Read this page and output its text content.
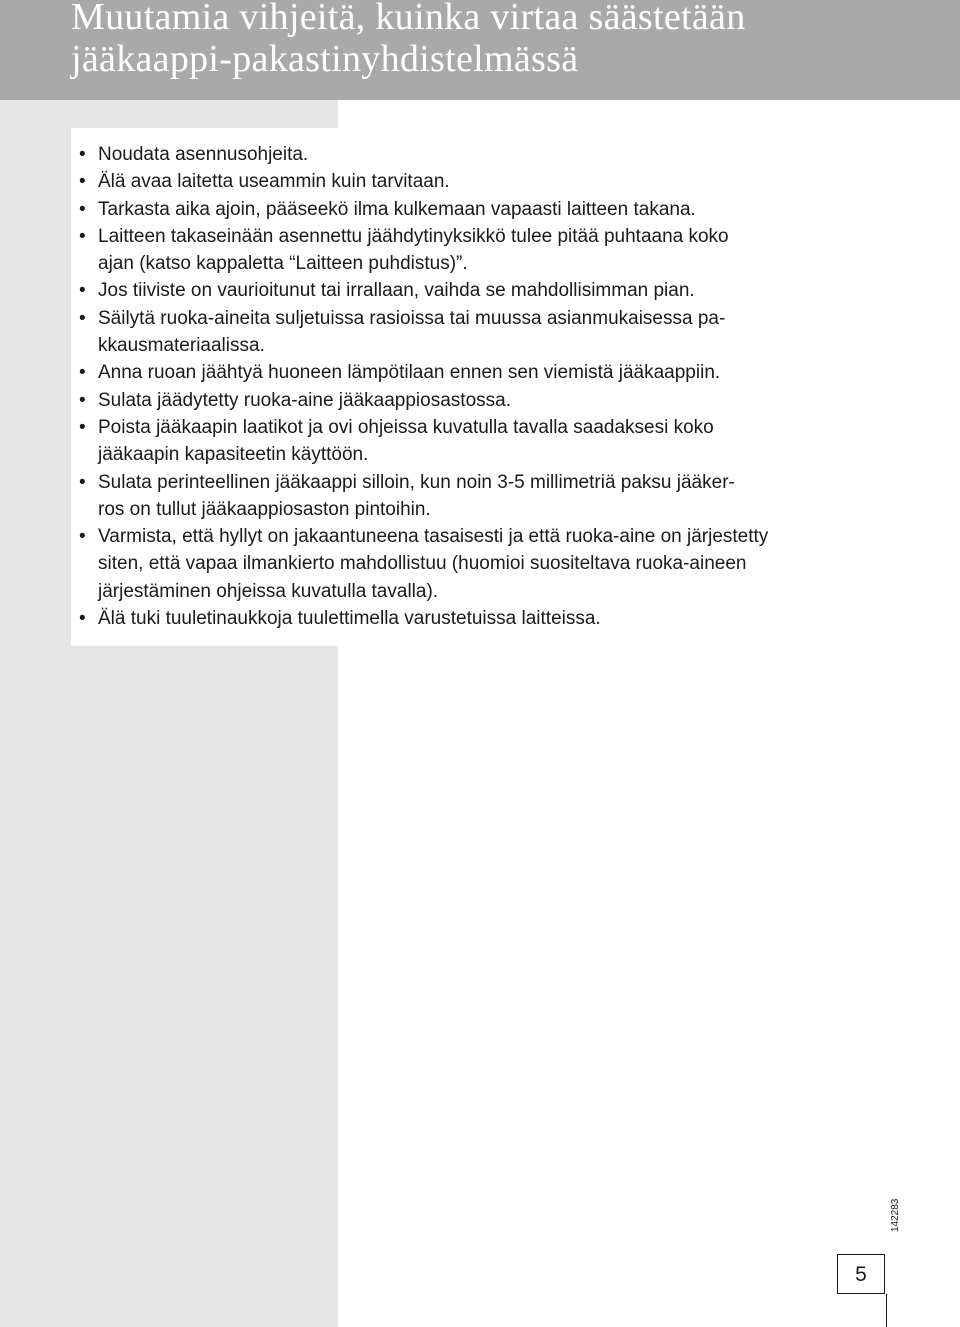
Muutamia vihjeitä, kuinka virtaa säästetään
jääkaappi-pakastinyhdistelmässä
• Noudata asennusohjeita.
• Älä avaa laitetta useammin kuin tarvitaan.
• Tarkasta aika ajoin, pääseekö ilma kulkemaan vapaasti laitteen takana.
• Laitteen takaseinään asennettu jäähdytinyksikkö tulee pitää puhtaana koko
ajan (katso kappaletta “Laitteen puhdistus)”.
• Jos tiiviste on vaurioitunut tai irrallaan, vaihda se mahdollisimman pian.
• Säilytä ruoka-aineita suljetuissa rasioissa tai muussa asianmukaisessa pa-
kkausmateriaalissa.
• Anna ruoan jäähtyä huoneen lämpötilaan ennen sen viemistä jääkaappiin.
• Sulata jäädytetty ruoka-aine jääkaappiosastossa.
• Poista jääkaapin laatikot ja ovi ohjeissa kuvatulla tavalla saadaksesi koko
jääkaapin kapasiteetin käyttöön.
• Sulata perinteellinen jääkaappi silloin, kun noin 3-5 millimetriä paksu jääker-
ros on tullut jääkaappiosaston pintoihin.
• Varmista, että hyllyt on jakaantuneena tasaisesti ja että ruoka-aine on järjestetty
siten, että vapaa ilmankierto mahdollistuu (huomioi suositeltava ruoka-aineen
järjestäminen ohjeissa kuvatulla tavalla).
• Älä tuki tuuletinaukkoja tuulettimella varustetuissa laitteissa.
142283
5
